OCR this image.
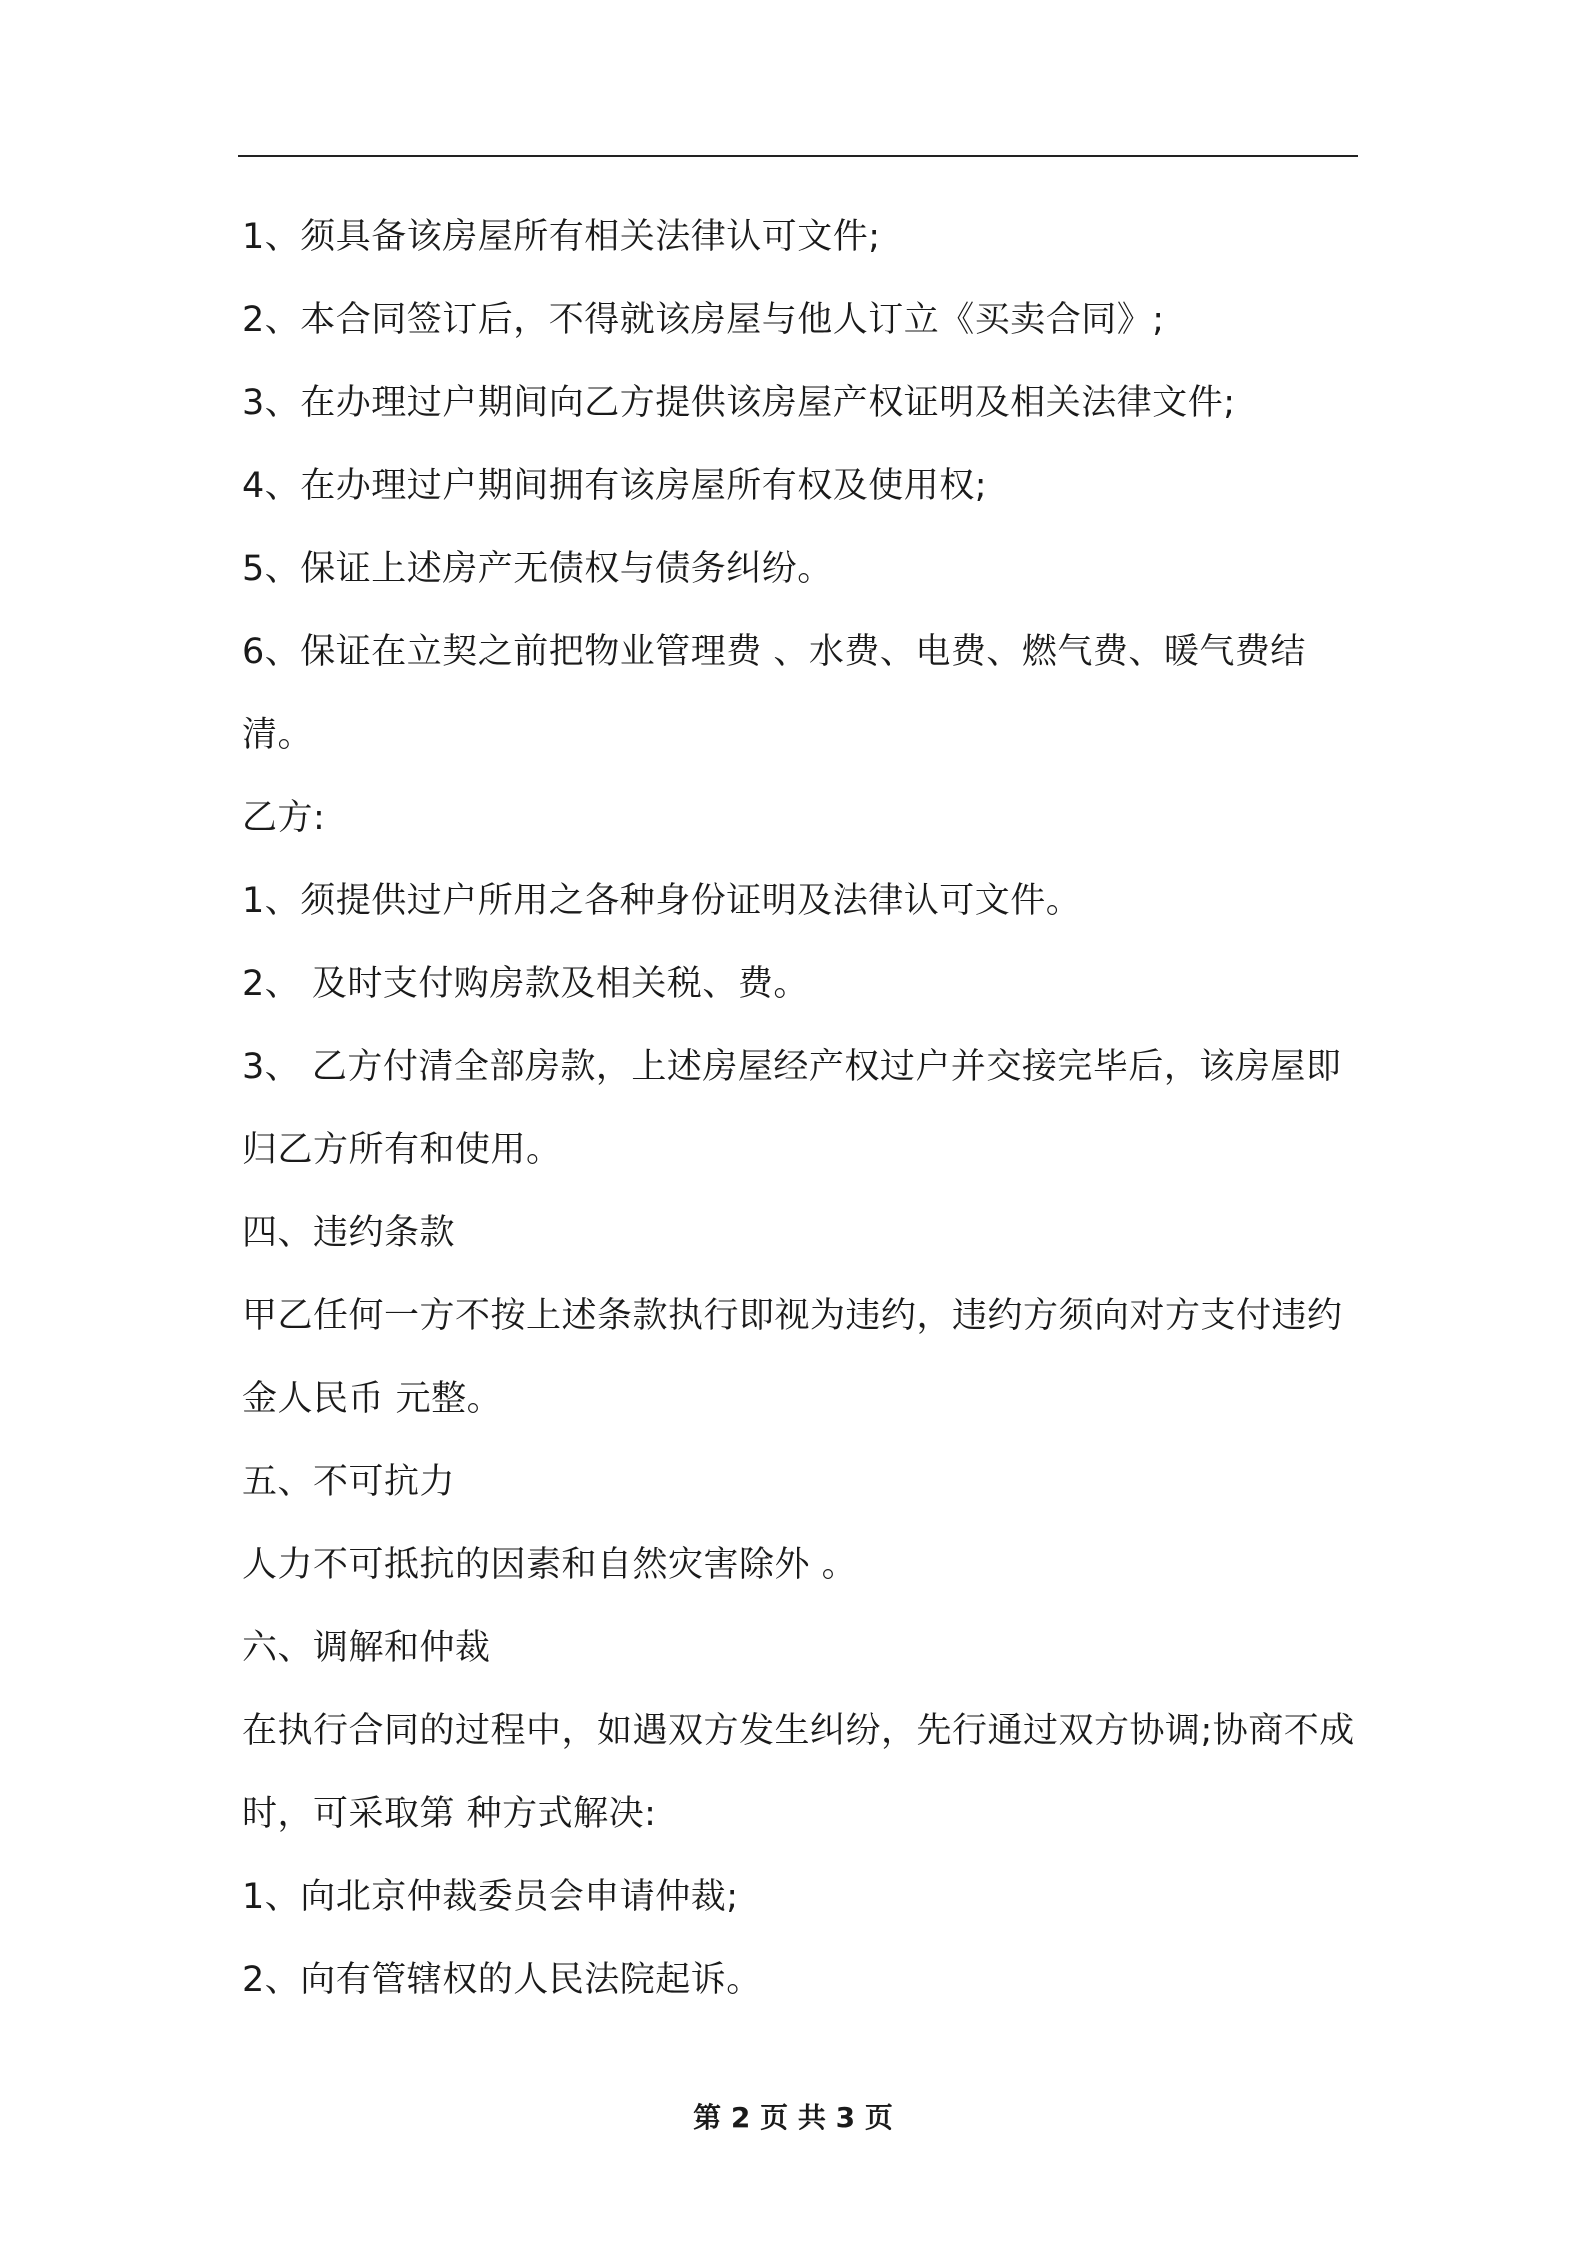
1、须具备该房屋所有相关法律认可文件;

2、本合同签订后，不得就该房屋与他人订立《买卖合同》;

3、在办理过户期间向乙方提供该房屋产权证明及相关法律文件;

4、在办理过户期间拥有该房屋所有权及使用权;

5、保证上述房产无债权与债务纠纷。

6、保证在立契之前把物业管理费 、水费、电费、燃气费、暖气费结清。

乙方:

1、须提供过户所用之各种身份证明及法律认可文件。

2、 及时支付购房款及相关税、费。

3、 乙方付清全部房款，上述房屋经产权过户并交接完毕后，该房屋即归乙方所有和使用。

四、违约条款

甲乙任何一方不按上述条款执行即视为违约，违约方须向对方支付违约金人民币 元整。

五、不可抗力

人力不可抵抗的因素和自然灾害除外 。

六、调解和仲裁

在执行合同的过程中，如遇双方发生纠纷，先行通过双方协调;协商不成时，可采取第 种方式解决:

1、向北京仲裁委员会申请仲裁;

2、向有管辖权的人民法院起诉。

第 2 页 共 3 页
